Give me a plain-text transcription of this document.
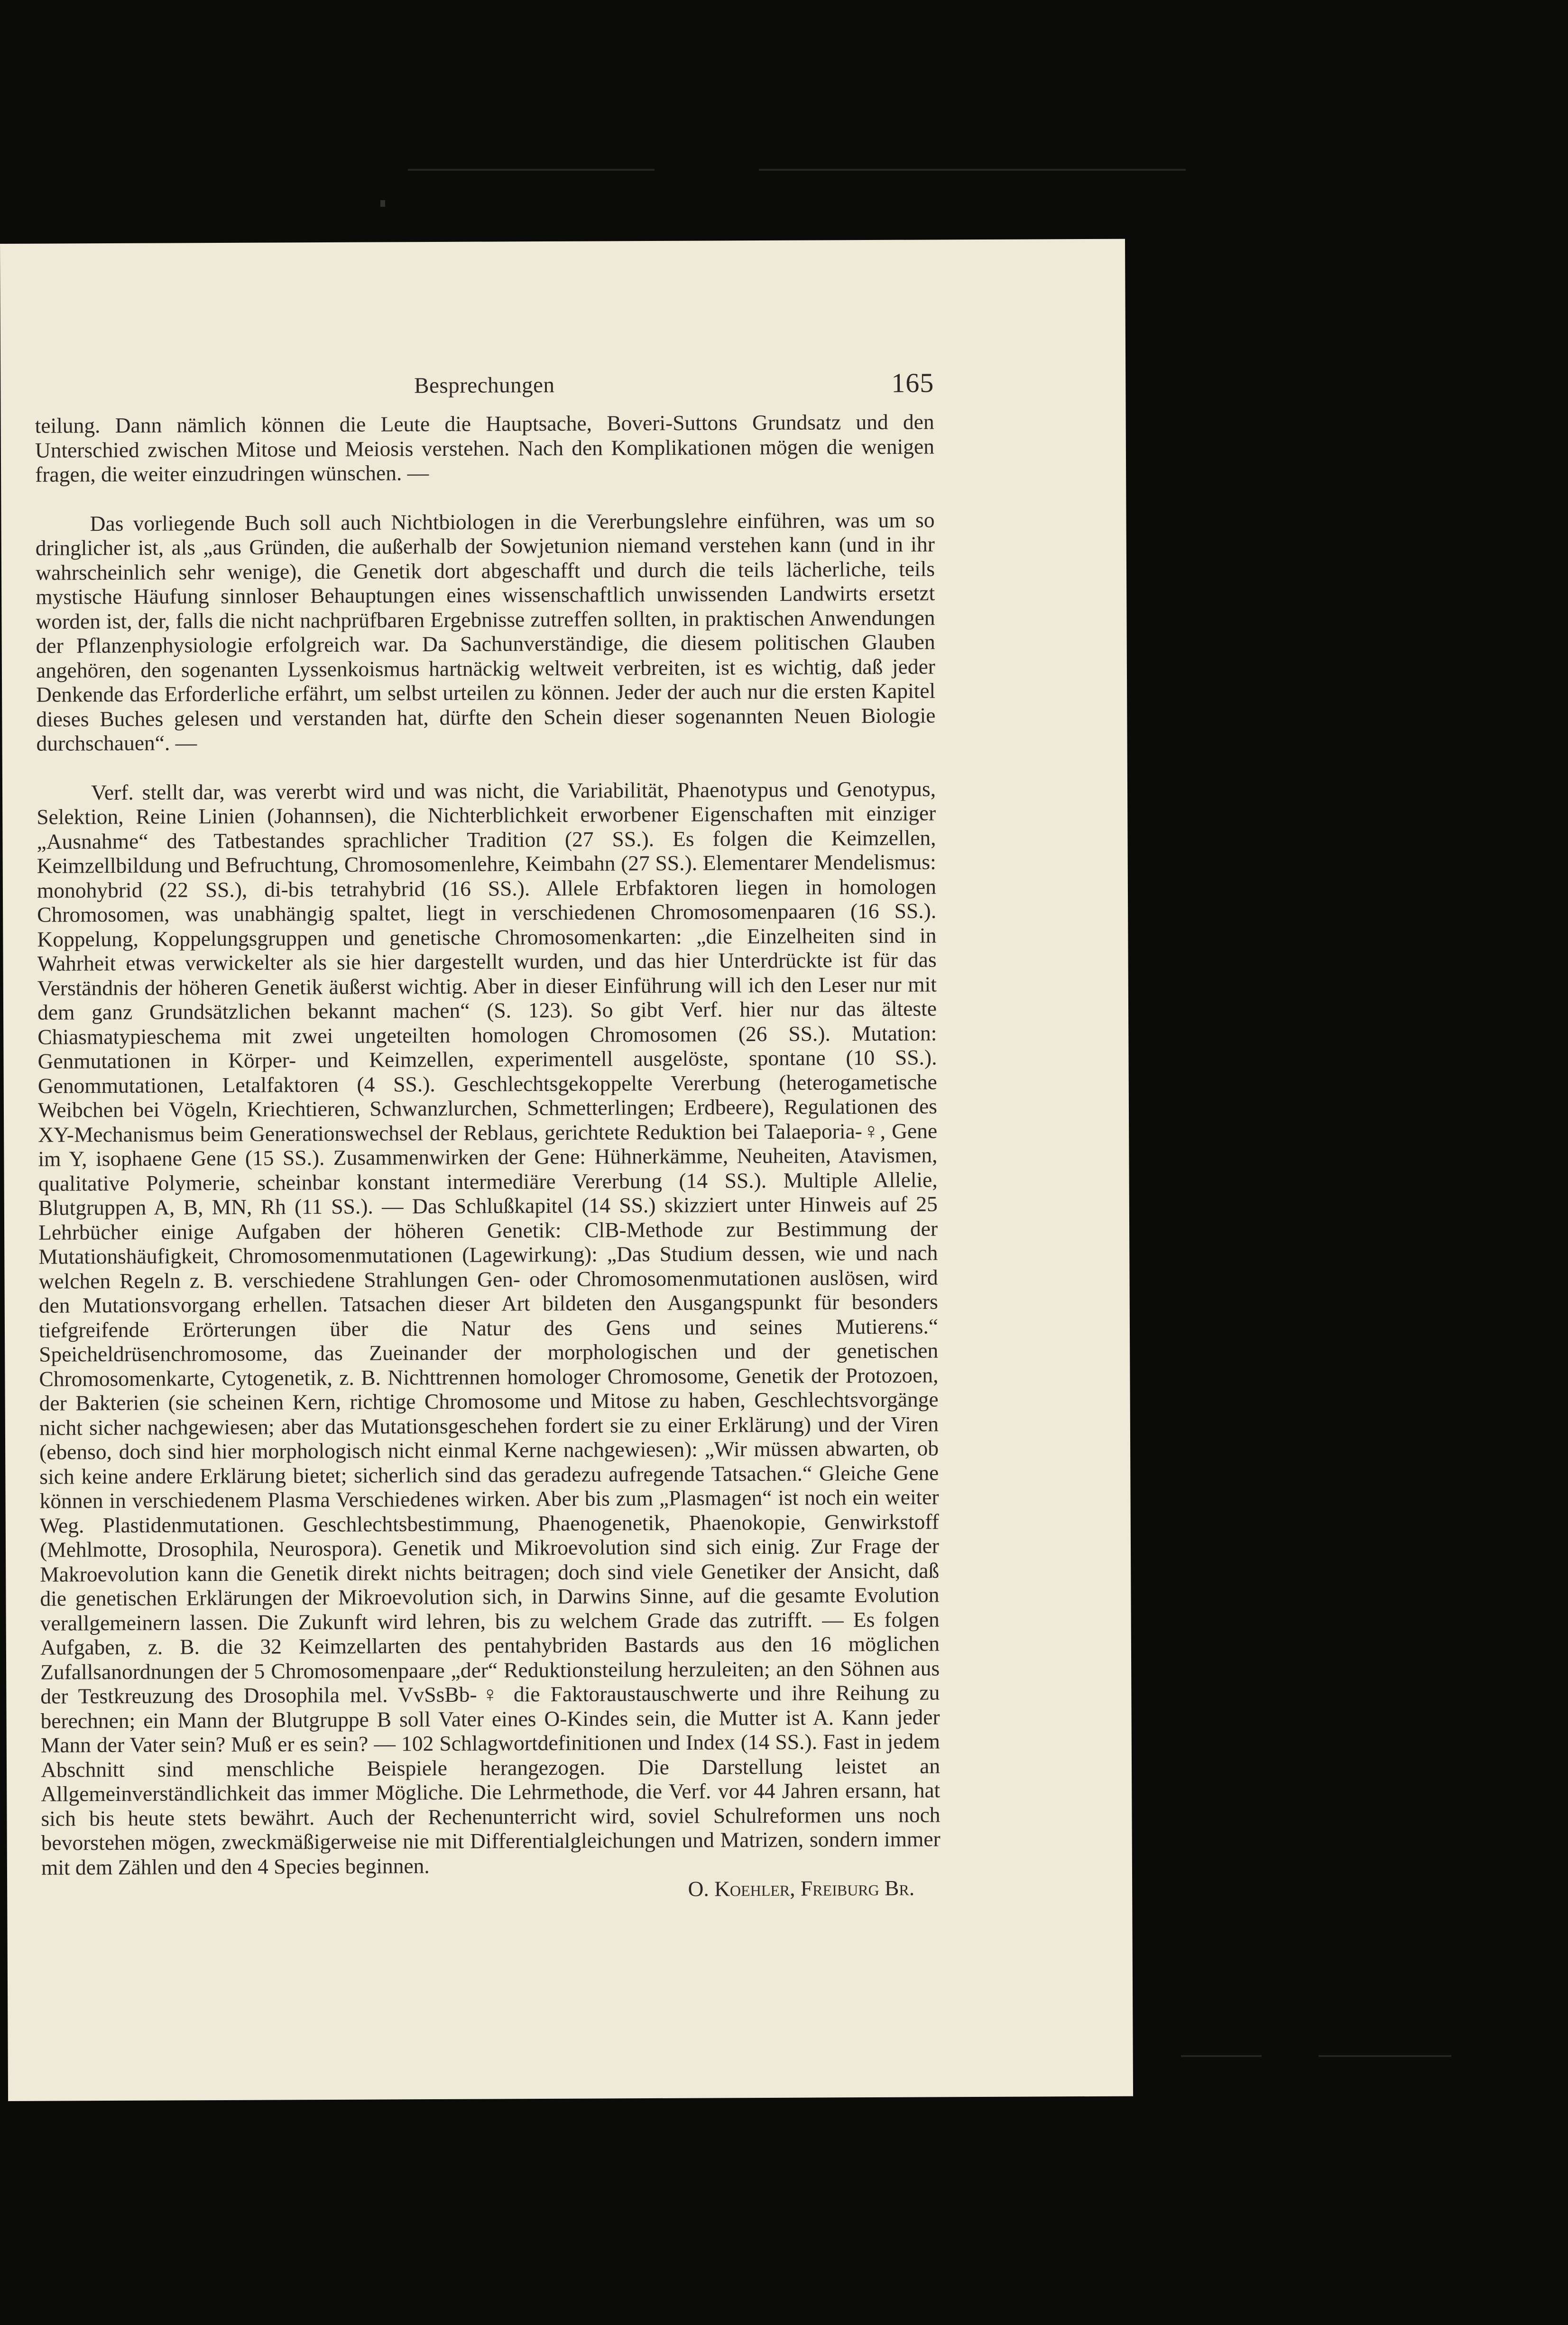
Besprechungen	165

teilung. Dann nämlich können die Leute die Hauptsache, Boveri-Suttons Grundsatz und den Unterschied zwischen Mitose und Meiosis verstehen. Nach den Komplikationen mögen die wenigen fragen, die weiter einzudringen wünschen. —

Das vorliegende Buch soll auch Nichtbiologen in die Vererbungslehre einführen, was um so dringlicher ist, als „aus Gründen, die außerhalb der Sowjetunion niemand verstehen kann (und in ihr wahrscheinlich sehr wenige), die Genetik dort abgeschafft und durch die teils lächerliche, teils mystische Häufung sinnloser Behauptungen eines wissenschaftlich unwissenden Landwirts ersetzt worden ist, der, falls die nicht nachprüfbaren Ergebnisse zutreffen sollten, in praktischen Anwendungen der Pflanzenphysiologie erfolgreich war. Da Sachunverständige, die diesem politischen Glauben angehören, den sogenanten Lyssenkoismus hartnäckig weltweit verbreiten, ist es wichtig, daß jeder Denkende das Erforderliche erfährt, um selbst urteilen zu können. Jeder der auch nur die ersten Kapitel dieses Buches gelesen und verstanden hat, dürfte den Schein dieser sogenannten Neuen Biologie durchschauen“. —

Verf. stellt dar, was vererbt wird und was nicht, die Variabilität, Phaenotypus und Genotypus, Selektion, Reine Linien (Johannsen), die Nichterblichkeit erworbener Eigenschaften mit einziger „Ausnahme“ des Tatbestandes sprachlicher Tradition (27 SS.). Es folgen die Keimzellen, Keimzellbildung und Befruchtung, Chromosomenlehre, Keimbahn (27 SS.). Elementarer Mendelismus: monohybrid (22 SS.), di-bis tetrahybrid (16 SS.). Allele Erbfaktoren liegen in homologen Chromosomen, was unabhängig spaltet, liegt in verschiedenen Chromosomenpaaren (16 SS.). Koppelung, Koppelungsgruppen und genetische Chromosomenkarten: „die Einzelheiten sind in Wahrheit etwas verwickelter als sie hier dargestellt wurden, und das hier Unterdrückte ist für das Verständnis der höheren Genetik äußerst wichtig. Aber in dieser Einführung will ich den Leser nur mit dem ganz Grundsätzlichen bekannt machen“ (S. 123). So gibt Verf. hier nur das älteste Chiasmatypieschema mit zwei ungeteilten homologen Chromosomen (26 SS.). Mutation: Genmutationen in Körper- und Keimzellen, experimentell ausgelöste, spontane (10 SS.). Genommutationen, Letalfaktoren (4 SS.). Geschlechtsgekoppelte Vererbung (heterogametische Weibchen bei Vögeln, Kriechtieren, Schwanzlurchen, Schmetterlingen; Erdbeere), Regulationen des XY-Mechanismus beim Generationswechsel der Reblaus, gerichtete Reduktion bei Talaeporia-♀, Gene im Y, isophaene Gene (15 SS.). Zusammenwirken der Gene: Hühnerkämme, Neuheiten, Atavismen, qualitative Polymerie, scheinbar konstant intermediäre Vererbung (14 SS.). Multiple Allelie, Blutgruppen A, B, MN, Rh (11 SS.). — Das Schlußkapitel (14 SS.) skizziert unter Hinweis auf 25 Lehrbücher einige Aufgaben der höheren Genetik: ClB-Methode zur Bestimmung der Mutationshäufigkeit, Chromosomenmutationen (Lagewirkung): „Das Studium dessen, wie und nach welchen Regeln z. B. verschiedene Strahlungen Gen- oder Chromosomenmutationen auslösen, wird den Mutationsvorgang erhellen. Tatsachen dieser Art bildeten den Ausgangspunkt für besonders tiefgreifende Erörterungen über die Natur des Gens und seines Mutierens.“ Speicheldrüsenchromosome, das Zueinander der morphologischen und der genetischen Chromosomenkarte, Cytogenetik, z. B. Nichttrennen homologer Chromosome, Genetik der Protozoen, der Bakterien (sie scheinen Kern, richtige Chromosome und Mitose zu haben, Geschlechtsvorgänge nicht sicher nachgewiesen; aber das Mutationsgeschehen fordert sie zu einer Erklärung) und der Viren (ebenso, doch sind hier morphologisch nicht einmal Kerne nachgewiesen): „Wir müssen abwarten, ob sich keine andere Erklärung bietet; sicherlich sind das geradezu aufregende Tatsachen.“ Gleiche Gene können in verschiedenem Plasma Verschiedenes wirken. Aber bis zum „Plasmagen“ ist noch ein weiter Weg. Plastidenmutationen. Geschlechtsbestimmung, Phaenogenetik, Phaenokopie, Genwirkstoff (Mehlmotte, Drosophila, Neurospora). Genetik und Mikroevolution sind sich einig. Zur Frage der Makroevolution kann die Genetik direkt nichts beitragen; doch sind viele Genetiker der Ansicht, daß die genetischen Erklärungen der Mikroevolution sich, in Darwins Sinne, auf die gesamte Evolution verallgemeinern lassen. Die Zukunft wird lehren, bis zu welchem Grade das zutrifft. — Es folgen Aufgaben, z. B. die 32 Keimzellarten des pentahybriden Bastards aus den 16 möglichen Zufallsanordnungen der 5 Chromosomenpaare „der“ Reduktionsteilung herzuleiten; an den Söhnen aus der Testkreuzung des Drosophila mel. VvSsBb-♀ die Faktoraustauschwerte und ihre Reihung zu berechnen; ein Mann der Blutgruppe B soll Vater eines O-Kindes sein, die Mutter ist A. Kann jeder Mann der Vater sein? Muß er es sein? — 102 Schlagwortdefinitionen und Index (14 SS.). Fast in jedem Abschnitt sind menschliche Beispiele herangezogen. Die Darstellung leistet an Allgemeinverständlichkeit das immer Mögliche. Die Lehrmethode, die Verf. vor 44 Jahren ersann, hat sich bis heute stets bewährt. Auch der Rechenunterricht wird, soviel Schulreformen uns noch bevorstehen mögen, zweckmäßigerweise nie mit Differentialgleichungen und Matrizen, sondern immer mit dem Zählen und den 4 Species beginnen.

O. Koehler, Freiburg Br.
